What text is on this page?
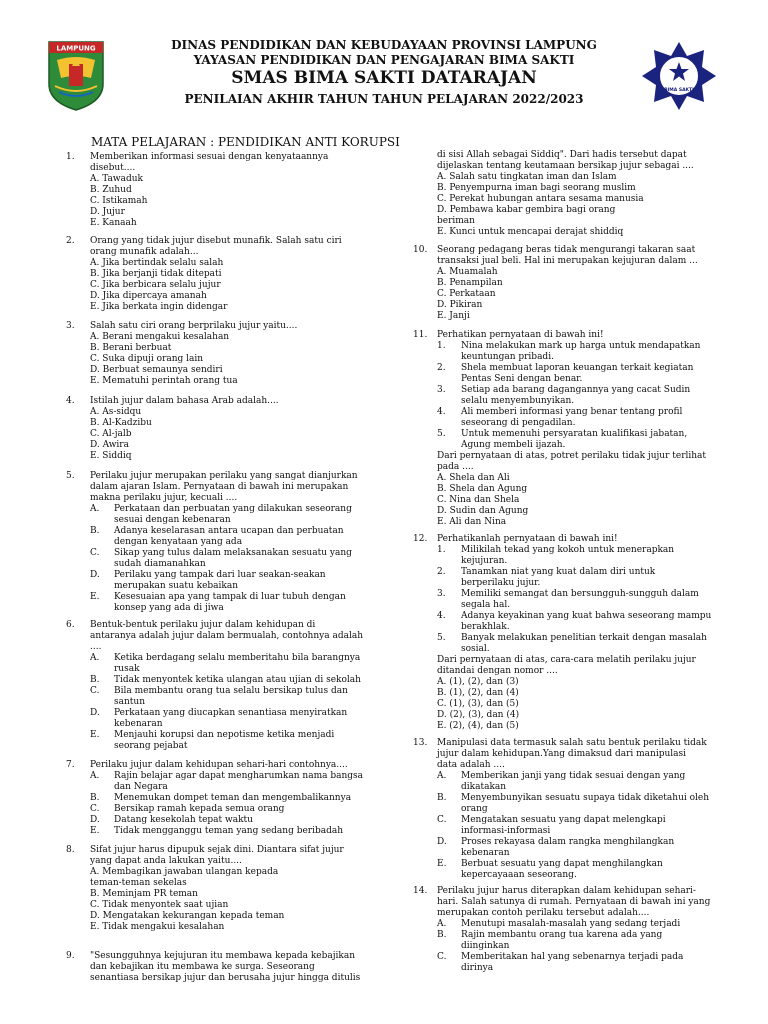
LAMPUNG	DINAS PENDIDIKAN DAN KEBUDAYAAN PROVINSI LAMPUNG
YAYASAN PENDIDIKAN DAN PENGAJARAN BIMA SAKTI
SMAS BIMA SAKTI DATARAJAN
PENILAIAN AKHIR TAHUN TAHUN PELAJARAN 2022/2023
BIMA SAKTI
MATA PELAJARAN : PENDIDIKAN ANTI KORUPSI
1. Memberikan informasi sesuai dengan kenyataannya
disebut....
A. Tawaduk
B. Zuhud
C. Istikamah
D. Jujur
E. Kanaah
2. Orang yang tidak jujur disebut munafik. Salah satu ciri
orang munafik adalah...
A. Jika bertindak selalu salah
B. Jika berjanji tidak ditepati
C. Jika berbicara selalu jujur
D. Jika dipercaya amanah
E. Jika berkata ingin didengar
3. Salah satu ciri orang berprilaku jujur yaitu....
A. Berani mengakui kesalahan
B. Berani berbuat
C. Suka dipuji orang lain
D. Berbuat semaunya sendiri
E. Mematuhi perintah orang tua
4. Istilah jujur dalam bahasa Arab adalah....
A. As-sidqu
B. Al-Kadzibu
C. Al-jalb
D. Awira
E. Siddiq
5. Perilaku jujur merupakan perilaku yang sangat dianjurkan
dalam ajaran Islam. Pernyataan di bawah ini merupakan
makna perilaku jujur, kecuali ....
A. Perkataan dan perbuatan yang dilakukan seseorang
sesuai dengan kebenaran
B. Adanya keselarasan antara ucapan dan perbuatan
dengan kenyataan yang ada
C. Sikap yang tulus dalam melaksanakan sesuatu yang
sudah diamanahkan
D. Perilaku yang tampak dari luar seakan-seakan
merupakan suatu kebaikan
E. Kesesuaian apa yang tampak di luar tubuh dengan
konsep yang ada di jiwa
6. Bentuk-bentuk perilaku jujur dalam kehidupan di
antaranya adalah jujur dalam bermualah, contohnya adalah
....
A. Ketika berdagang selalu memberitahu bila barangnya
rusak
B. Tidak menyontek ketika ulangan atau ujian di sekolah
C. Bila membantu orang tua selalu bersikap tulus dan
santun
D. Perkataan yang diucapkan senantiasa menyiratkan
kebenaran
E. Menjauhi korupsi dan nepotisme ketika menjadi
seorang pejabat
7. Perilaku jujur dalam kehidupan sehari-hari contohnya....
A. Rajin belajar agar dapat mengharumkan nama bangsa
dan Negara
B. Menemukan dompet teman dan mengembalikannya
C. Bersikap ramah kepada semua orang
D. Datang kesekolah tepat waktu
E. Tidak mengganggu teman yang sedang beribadah
8. Sifat jujur harus dipupuk sejak dini. Diantara sifat jujur
yang dapat anda lakukan yaitu....
A. Membagikan jawaban ulangan kepada
teman-teman sekelas
B. Meminjam PR teman
C. Tidak menyontek saat ujian
D. Mengatakan kekurangan kepada teman
E. Tidak mengakui kesalahan
9. "Sesungguhnya kejujuran itu membawa kepada kebajikan
dan kebajikan itu membawa ke surga. Seseorang
senantiasa bersikap jujur dan berusaha jujur hingga ditulis
di sisi Allah sebagai Siddiq". Dari hadis tersebut dapat
dijelaskan tentang keutamaan bersikap jujur sebagai ....
A. Salah satu tingkatan iman dan Islam
B. Penyempurna iman bagi seorang muslim
C. Perekat hubungan antara sesama manusia
D. Pembawa kabar gembira bagi orang
beriman
E. Kunci untuk mencapai derajat shiddiq
10. Seorang pedagang beras tidak mengurangi takaran saat
transaksi jual beli. Hal ini merupakan kejujuran dalam ...
A. Muamalah
B. Penampilan
C. Perkataan
D. Pikiran
E. Janji
11. Perhatikan pernyataan di bawah ini!
1. Nina melakukan mark up harga untuk mendapatkan
keuntungan pribadi.
2. Shela membuat laporan keuangan terkait kegiatan
Pentas Seni dengan benar.
3. Setiap ada barang dagangannya yang cacat Sudin
selalu menyembunyikan.
4. Ali memberi informasi yang benar tentang profil
seseorang di pengadilan.
5. Untuk memenuhi persyaratan kualifikasi jabatan,
Agung membeli ijazah.
Dari pernyataan di atas, potret perilaku tidak jujur terlihat
pada ....
A. Shela dan Ali
B. Shela dan Agung
C. Nina dan Shela
D. Sudin dan Agung
E. Ali dan Nina
12. Perhatikanlah pernyataan di bawah ini!
1. Milikilah tekad yang kokoh untuk menerapkan
kejujuran.
2. Tanamkan niat yang kuat dalam diri untuk
berperilaku jujur.
3. Memiliki semangat dan bersungguh-sungguh dalam
segala hal.
4. Adanya keyakinan yang kuat bahwa seseorang mampu
berakhlak.
5. Banyak melakukan penelitian terkait dengan masalah
sosial.
Dari pernyataan di atas, cara-cara melatih perilaku jujur
ditandai dengan nomor ....
A. (1), (2), dan (3)
B. (1), (2), dan (4)
C. (1), (3), dan (5)
D. (2), (3), dan (4)
E. (2), (4), dan (5)
13. Manipulasi data termasuk salah satu bentuk perilaku tidak
jujur dalam kehidupan.Yang dimaksud dari manipulasi
data adalah ....
A. Memberikan janji yang tidak sesuai dengan yang
dikatakan
B. Menyembunyikan sesuatu supaya tidak diketahui oleh
orang
C. Mengatakan sesuatu yang dapat melengkapi
informasi-informasi
D. Proses rekayasa dalam rangka menghilangkan
kebenaran
E. Berbuat sesuatu yang dapat menghilangkan
kepercayaaan seseorang.
14. Perilaku jujur harus diterapkan dalam kehidupan sehari-
hari. Salah satunya di rumah. Pernyataan di bawah ini yang
merupakan contoh perilaku tersebut adalah....
A. Menutupi masalah-masalah yang sedang terjadi
B. Rajin membantu orang tua karena ada yang
diinginkan
C. Memberitakan hal yang sebenarnya terjadi pada
dirinya
